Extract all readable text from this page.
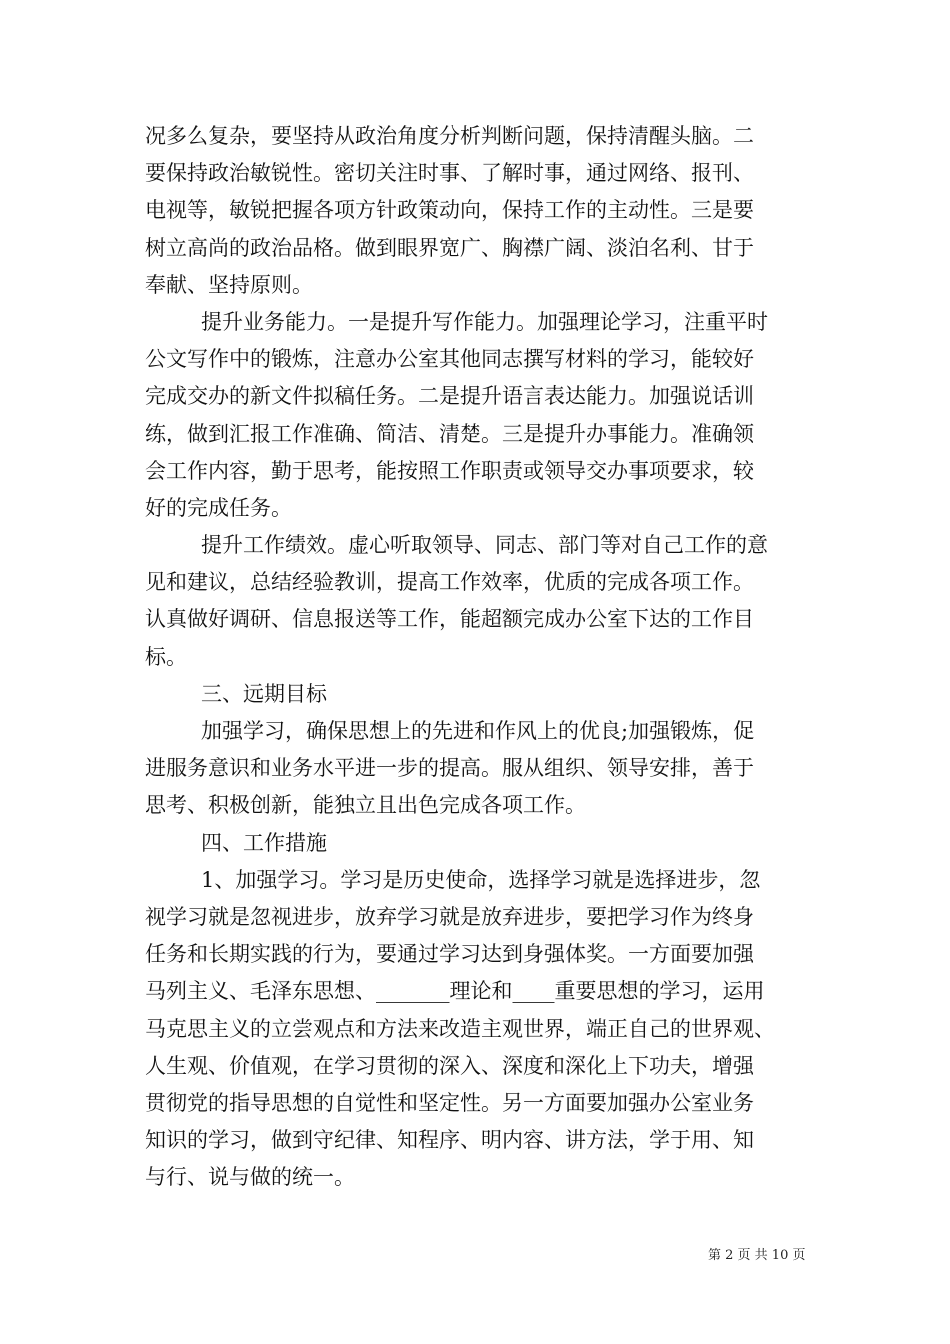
况多么复杂，要坚持从政治角度分析判断问题，保持清醒头脑。二
要保持政治敏锐性。密切关注时事、了解时事，通过网络、报刊、
电视等，敏锐把握各项方针政策动向，保持工作的主动性。三是要
树立高尚的政治品格。做到眼界宽广、胸襟广阔、淡泊名利、甘于
奉献、坚持原则。
提升业务能力。一是提升写作能力。加强理论学习，注重平时
公文写作中的锻炼，注意办公室其他同志撰写材料的学习，能较好
完成交办的新文件拟稿任务。二是提升语言表达能力。加强说话训
练，做到汇报工作准确、简洁、清楚。三是提升办事能力。准确领
会工作内容，勤于思考，能按照工作职责或领导交办事项要求，较
好的完成任务。
提升工作绩效。虚心听取领导、同志、部门等对自己工作的意
见和建议，总结经验教训，提高工作效率，优质的完成各项工作。
认真做好调研、信息报送等工作，能超额完成办公室下达的工作目
标。
三、远期目标
加强学习，确保思想上的先进和作风上的优良;加强锻炼，促
进服务意识和业务水平进一步的提高。服从组织、领导安排，善于
思考、积极创新，能独立且出色完成各项工作。
四、工作措施
1、加强学习。学习是历史使命，选择学习就是选择进步，忽
视学习就是忽视进步，放弃学习就是放弃进步，要把学习作为终身
任务和长期实践的行为，要通过学习达到身强体奖。一方面要加强
马列主义、毛泽东思想、_______理论和____重要思想的学习，运用
马克思主义的立尝观点和方法来改造主观世界，端正自己的世界观、
人生观、价值观，在学习贯彻的深入、深度和深化上下功夫，增强
贯彻党的指导思想的自觉性和坚定性。另一方面要加强办公室业务
知识的学习，做到守纪律、知程序、明内容、讲方法，学于用、知
与行、说与做的统一。
第 2 页 共 10 页
